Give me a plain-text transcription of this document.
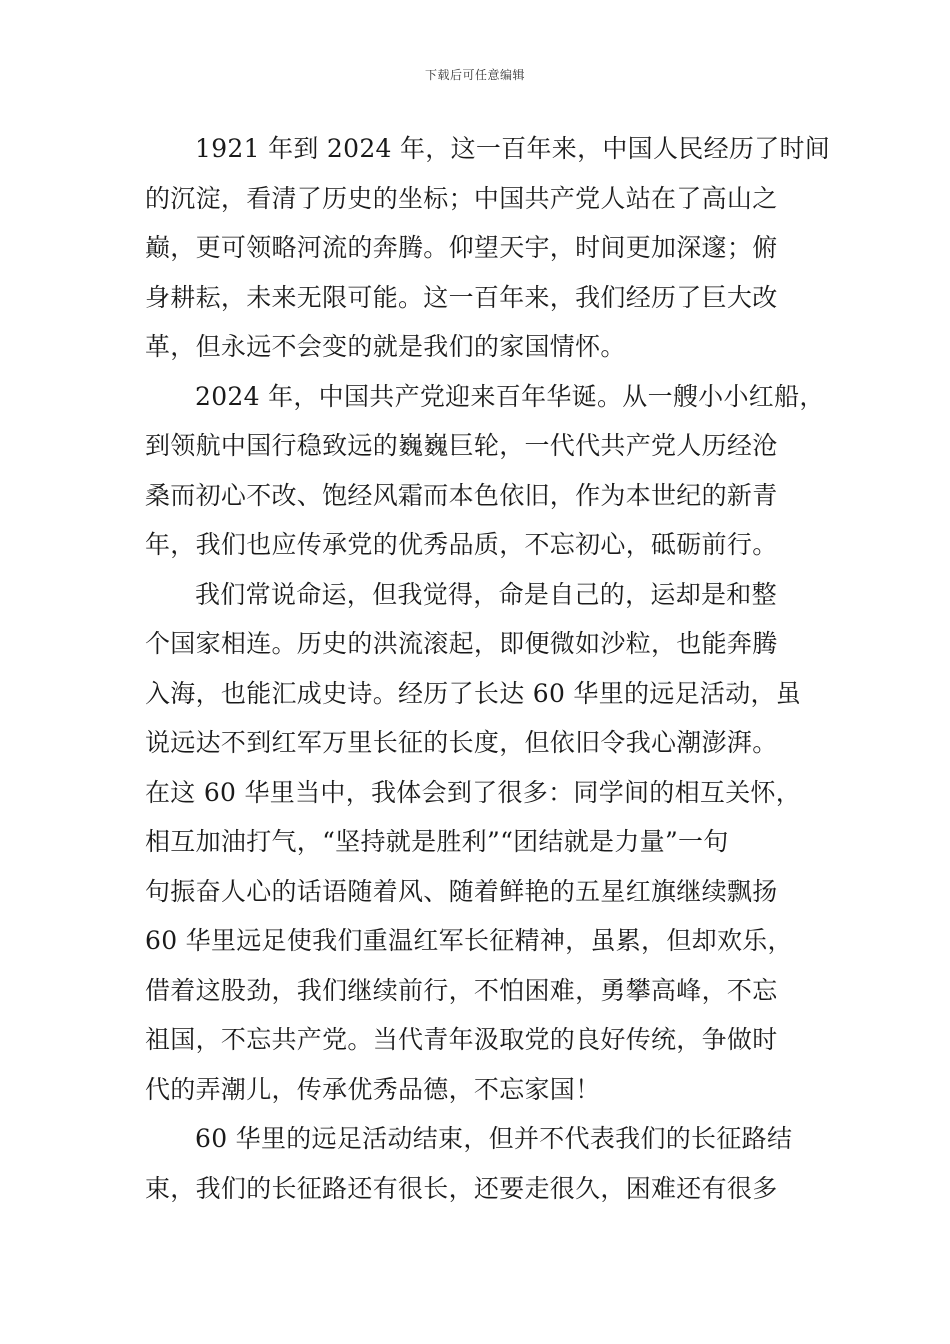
下载后可任意编辑
1921 年到 2024 年，这一百年来，中国人民经历了时间
的沉淀，看清了历史的坐标；中国共产党人站在了高山之
巅，更可领略河流的奔腾。仰望天宇，时间更加深邃；俯
身耕耘，未来无限可能。这一百年来，我们经历了巨大改
革，但永远不会变的就是我们的家国情怀。
2024 年，中国共产党迎来百年华诞。从一艘小小红船，
到领航中国行稳致远的巍巍巨轮，一代代共产党人历经沧
桑而初心不改、饱经风霜而本色依旧，作为本世纪的新青
年，我们也应传承党的优秀品质，不忘初心，砥砺前行。
我们常说命运，但我觉得，命是自己的，运却是和整
个国家相连。历史的洪流滚起，即便微如沙粒，也能奔腾
入海，也能汇成史诗。经历了长达 60 华里的远足活动，虽
说远达不到红军万里长征的长度，但依旧令我心潮澎湃。
在这 60 华里当中，我体会到了很多：同学间的相互关怀，
相互加油打气，“坚持就是胜利”“团结就是力量”一句
句振奋人心的话语随着风、随着鲜艳的五星红旗继续飘扬
60 华里远足使我们重温红军长征精神，虽累，但却欢乐，
借着这股劲，我们继续前行，不怕困难，勇攀高峰，不忘
祖国，不忘共产党。当代青年汲取党的良好传统，争做时
代的弄潮儿，传承优秀品德，不忘家国！
60 华里的远足活动结束，但并不代表我们的长征路结
束，我们的长征路还有很长，还要走很久，困难还有很多
